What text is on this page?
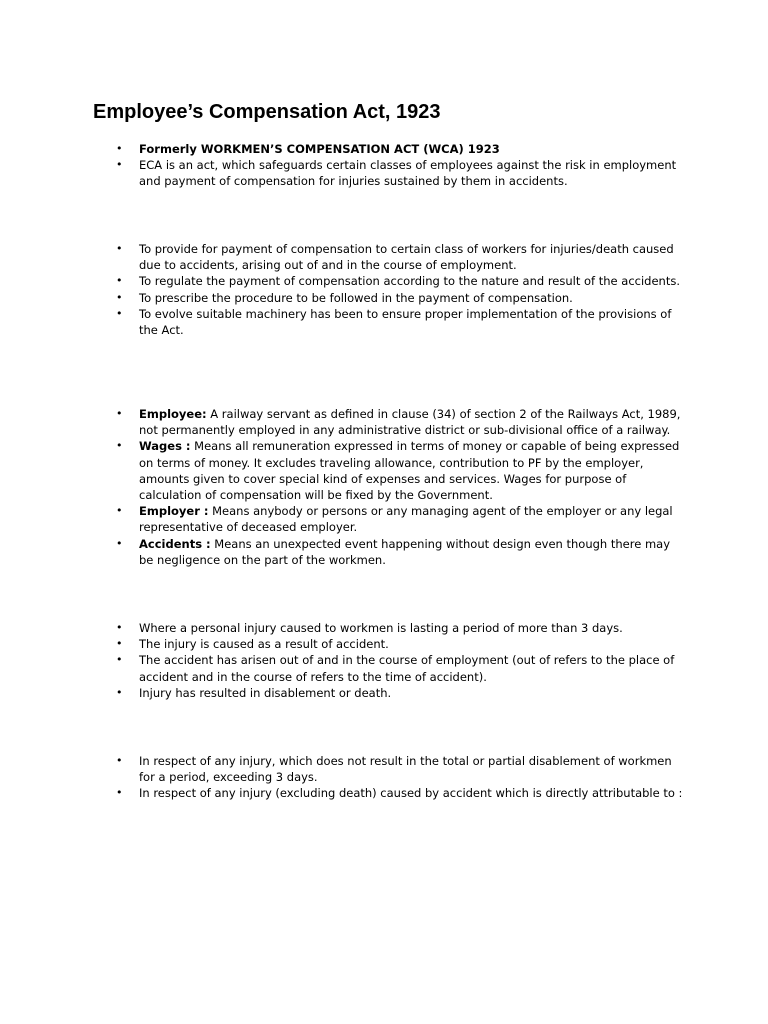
Employee’s Compensation Act, 1923
• Formerly WORKMEN’S COMPENSATION ACT (WCA) 1923
• ECA is an act, which safeguards certain classes of employees against the risk in employment and payment of compensation for injuries sustained by them in accidents.
• To provide for payment of compensation to certain class of workers for injuries/death caused due to accidents, arising out of and in the course of employment.
• To regulate the payment of compensation according to the nature and result of the accidents.
• To prescribe the procedure to be followed in the payment of compensation.
• To evolve suitable machinery has been to ensure proper implementation of the provisions of the Act.
• Employee: A railway servant as defined in clause (34) of section 2 of the Railways Act, 1989, not permanently employed in any administrative district or sub-divisional office of a railway.
• Wages : Means all remuneration expressed in terms of money or capable of being expressed on terms of money. It excludes traveling allowance, contribution to PF by the employer, amounts given to cover special kind of expenses and services. Wages for purpose of calculation of compensation will be fixed by the Government.
• Employer : Means anybody or persons or any managing agent of the employer or any legal representative of deceased employer.
• Accidents : Means an unexpected event happening without design even though there may be negligence on the part of the workmen.
• Where a personal injury caused to workmen is lasting a period of more than 3 days.
• The injury is caused as a result of accident.
• The accident has arisen out of and in the course of employment (out of refers to the place of accident and in the course of refers to the time of accident).
• Injury has resulted in disablement or death.
• In respect of any injury, which does not result in the total or partial disablement of workmen for a period, exceeding 3 days.
• In respect of any injury (excluding death) caused by accident which is directly attributable to :
